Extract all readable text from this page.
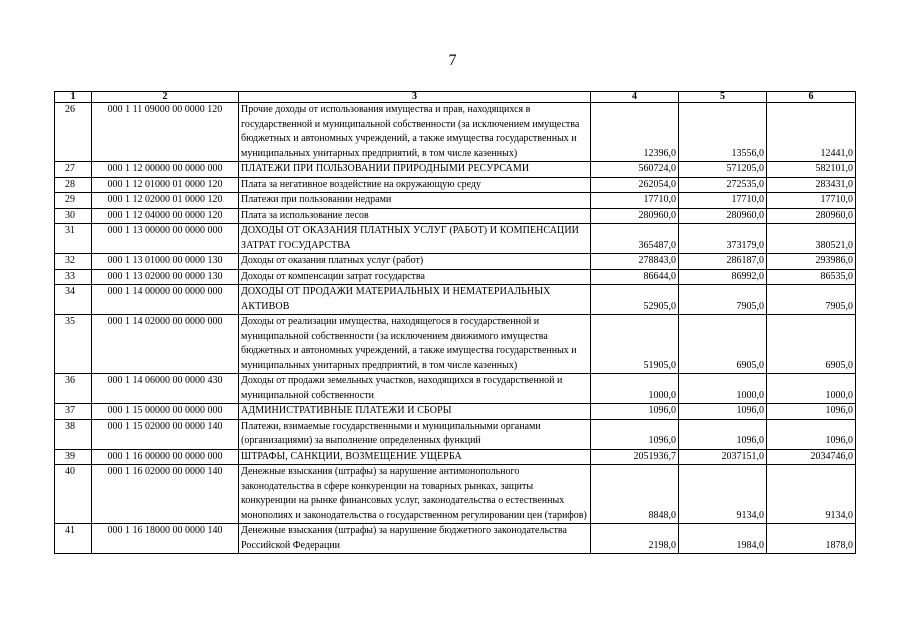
7
1	2	3	4	5	6
26	000 1 11 09000 00 0000 120	Прочие доходы от использования имущества и прав, находящихся в государственной и муниципальной собственности (за исключением имущества бюджетных и автономных учреждений, а также имущества государственных и муниципальных унитарных предприятий, в том числе казенных)	12396,0	13556,0	12441,0
27	000 1 12 00000 00 0000 000	ПЛАТЕЖИ ПРИ ПОЛЬЗОВАНИИ ПРИРОДНЫМИ РЕСУРСАМИ	560724,0	571205,0	582101,0
28	000 1 12 01000 01 0000 120	Плата за негативное воздействие на окружающую среду	262054,0	272535,0	283431,0
29	000 1 12 02000 01 0000 120	Платежи при пользовании недрами	17710,0	17710,0	17710,0
30	000 1 12 04000 00 0000 120	Плата за использование лесов	280960,0	280960,0	280960,0
31	000 1 13 00000 00 0000 000	ДОХОДЫ ОТ ОКАЗАНИЯ ПЛАТНЫХ УСЛУГ (РАБОТ) И КОМПЕНСАЦИИ ЗАТРАТ ГОСУДАРСТВА	365487,0	373179,0	380521,0
32	000 1 13 01000 00 0000 130	Доходы от оказания платных услуг (работ)	278843,0	286187,0	293986,0
33	000 1 13 02000 00 0000 130	Доходы от компенсации затрат государства	86644,0	86992,0	86535,0
34	000 1 14 00000 00 0000 000	ДОХОДЫ ОТ ПРОДАЖИ МАТЕРИАЛЬНЫХ И НЕМАТЕРИАЛЬНЫХ АКТИВОВ	52905,0	7905,0	7905,0
35	000 1 14 02000 00 0000 000	Доходы от реализации имущества, находящегося в государственной и муниципальной собственности (за исключением движимого имущества бюджетных и автономных учреждений, а также имущества государственных и муниципальных унитарных предприятий, в том числе казенных)	51905,0	6905,0	6905,0
36	000 1 14 06000 00 0000 430	Доходы от продажи земельных участков, находящихся в государственной и муниципальной собственности	1000,0	1000,0	1000,0
37	000 1 15 00000 00 0000 000	АДМИНИСТРАТИВНЫЕ ПЛАТЕЖИ И СБОРЫ	1096,0	1096,0	1096,0
38	000 1 15 02000 00 0000 140	Платежи, взимаемые государственными и муниципальными органами (организациями) за выполнение определенных функций	1096,0	1096,0	1096,0
39	000 1 16 00000 00 0000 000	ШТРАФЫ, САНКЦИИ, ВОЗМЕЩЕНИЕ УЩЕРБА	2051936,7	2037151,0	2034746,0
40	000 1 16 02000 00 0000 140	Денежные взыскания (штрафы) за нарушение антимонопольного законодательства в сфере конкуренции на товарных рынках, защиты конкуренции на рынке финансовых услуг, законодательства о естественных монополиях и законодательства о государственном регулировании цен (тарифов)	8848,0	9134,0	9134,0
41	000 1 16 18000 00 0000 140	Денежные взыскания (штрафы) за нарушение бюджетного законодательства Российской Федерации	2198,0	1984,0	1878,0
